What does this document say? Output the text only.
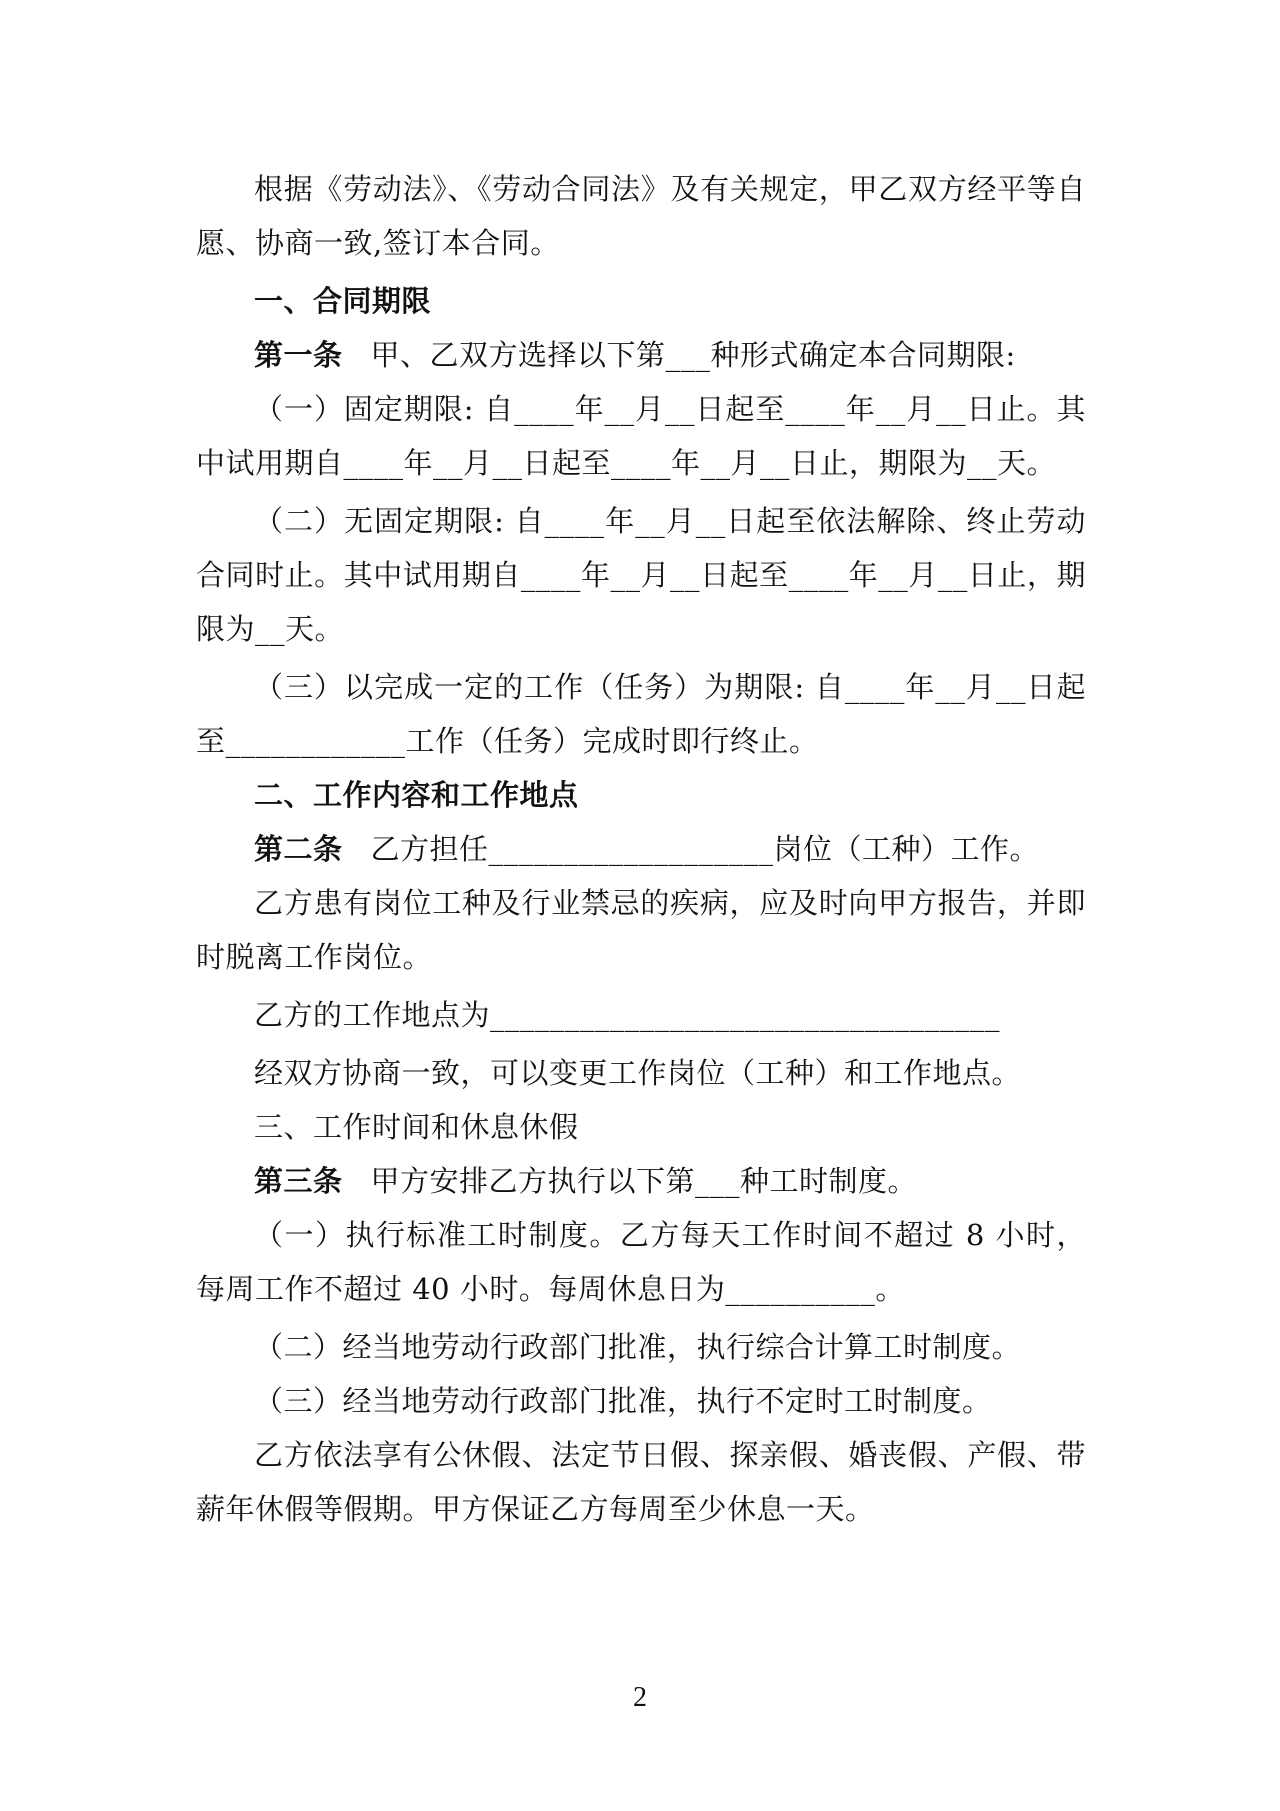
根据《劳动法》、《劳动合同法》及有关规定，甲乙双方经平等自愿、协商一致,签订本合同。

一、合同期限

第一条 甲、乙双方选择以下第___种形式确定本合同期限:

（一）固定期限: 自____年__月__日起至____年__月__日止。其中试用期自____年__月__日起至____年__月__日止，期限为__天。

（二）无固定期限: 自____年__月__日起至依法解除、终止劳动合同时止。其中试用期自____年__月__日起至____年__月__日止，期限为__天。

（三）以完成一定的工作（任务）为期限: 自____年__月__日起至____________工作（任务）完成时即行终止。

二、工作内容和工作地点

第二条 乙方担任___________________岗位（工种）工作。

乙方患有岗位工种及行业禁忌的疾病，应及时向甲方报告，并即时脱离工作岗位。

乙方的工作地点为__________________________________

经双方协商一致，可以变更工作岗位（工种）和工作地点。

三、工作时间和休息休假

第三条 甲方安排乙方执行以下第___种工时制度。

（一）执行标准工时制度。乙方每天工作时间不超过 8 小时，每周工作不超过 40 小时。每周休息日为__________。

（二）经当地劳动行政部门批准，执行综合计算工时制度。

（三）经当地劳动行政部门批准，执行不定时工时制度。

乙方依法享有公休假、法定节日假、探亲假、婚丧假、产假、带薪年休假等假期。甲方保证乙方每周至少休息一天。

2
